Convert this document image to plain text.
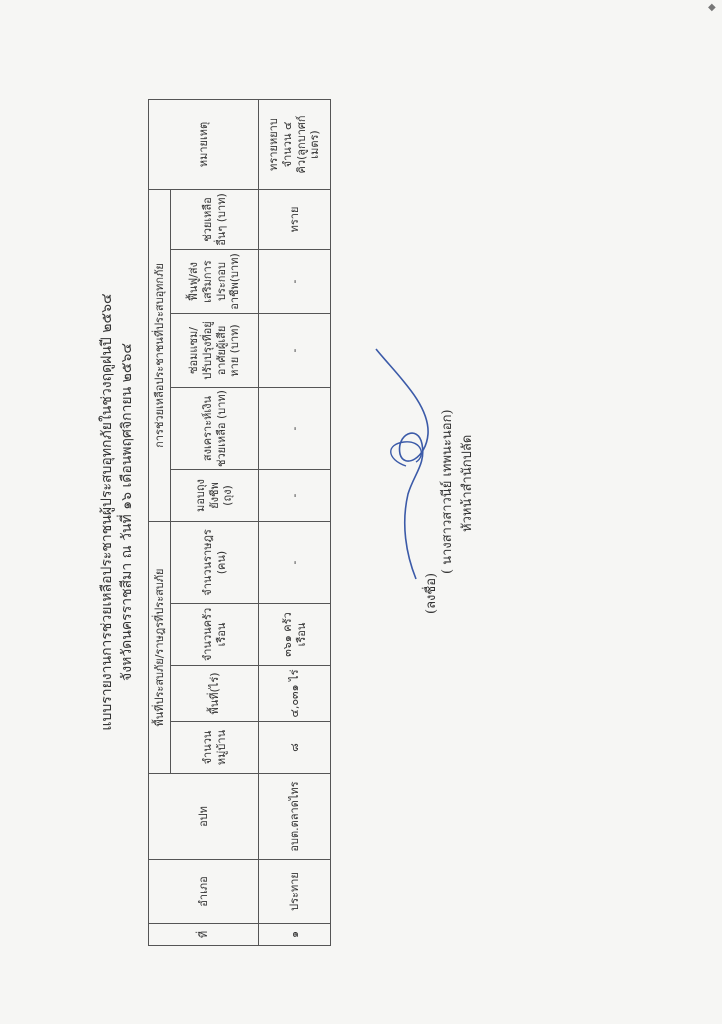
◆
แบบรายงานการช่วยเหลือประชาชนผู้ประสบอุทกภัยในช่วงฤดูฝนปี ๒๕๖๔ จังหวัดนครราชสีมา ณ วันที่ ๑๖ เดือนพฤศจิกายน ๒๕๖๔
ที่	อำเภอ	อปท	พื้นที่ประสบภัย/ราษฎรที่ประสบภัย				การช่วยเหลือประชาชนที่ประสบอุทกภัย					หมายเหตุ
			จำนวนหมู่บ้าน	พื้นที่(ไร่)	จำนวนครัวเรือน	จำนวนราษฎร (คน)	มอบถุงยังชีพ (ถุง)	สงเคราะห์เงินช่วยเหลือ (บาท)	ซ่อมแซม/ปรับปรุงที่อยู่อาศัยผู้เสียหาย (บาท)	ฟื้นฟู/ส่งเสริมการประกอบอาชีพ(บาท)	ช่วยเหลืออื่นๆ (บาท)	
๑	ประทาย	อบต.ตลาดไทร	๘	๔,๐๓๑ ไร่	๓๖๑ ครัวเรือน	-	-	-	-	-	ทราย	ทรายหยาบจำนวน ๔ คิว(ลูกบาศก์เมตร)
(ลงชื่อ)
( นางสาวสาวนีย์ เทพนะนอก) หัวหน้าสำนักปลัด
